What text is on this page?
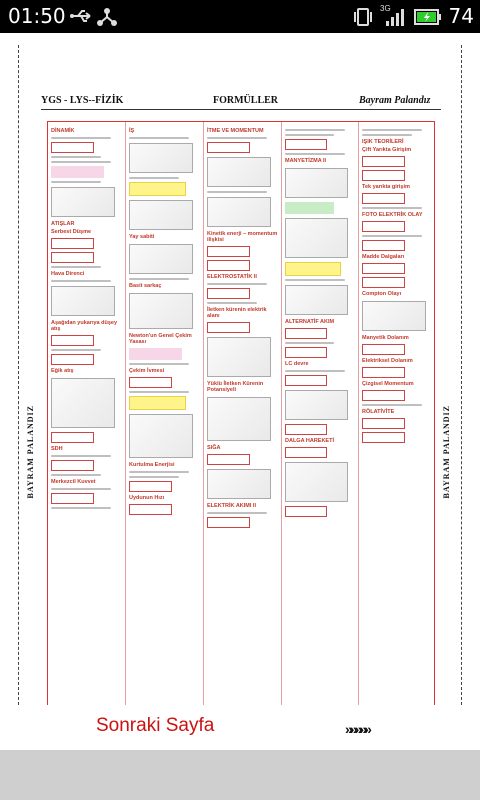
01:50	3G	74
YGS - LYS--FİZİK	FORMÜLLER	Bayram Palandız
BAYRAM PALANDIZ	BAYRAM PALANDIZ
DİNAMİK
ATIŞLAR
Serbest Düşme
Hava Direnci
Aşağıdan yukarıya düşey atış
Eğik atış
SDH
Merkezcil Kuvvet
İŞ
Yay sabiti
Basit sarkaç
Newton'un Genel Çekim Yasası
Çekim İvmesi
Kurtulma Enerjisi
Uydunun Hızı
İTME VE MOMENTUM
Kinetik enerji – momentum ilişkisi
ELEKTROSTATİK II
İletken kürenin elektrik alanı
Yüklü İletken Kürenin Potansiyeli
SIĞA
ELEKTRİK AKIMI II
MANYETİZMA II
ALTERNATİF AKIM
LC devre
DALGA HAREKETİ
IŞIK TEORİLERİ
Çift Yarıkta Girişim
Tek yarıkta girişim
FOTO ELEKTRİK OLAY
Madde Dalgaları
Compton Olayı
Manyetik Dolanım
Elektriksel Dolanım
Çizgisel Momentum
RÖLATİVİTE
Sonraki Sayfa	»»»»»
